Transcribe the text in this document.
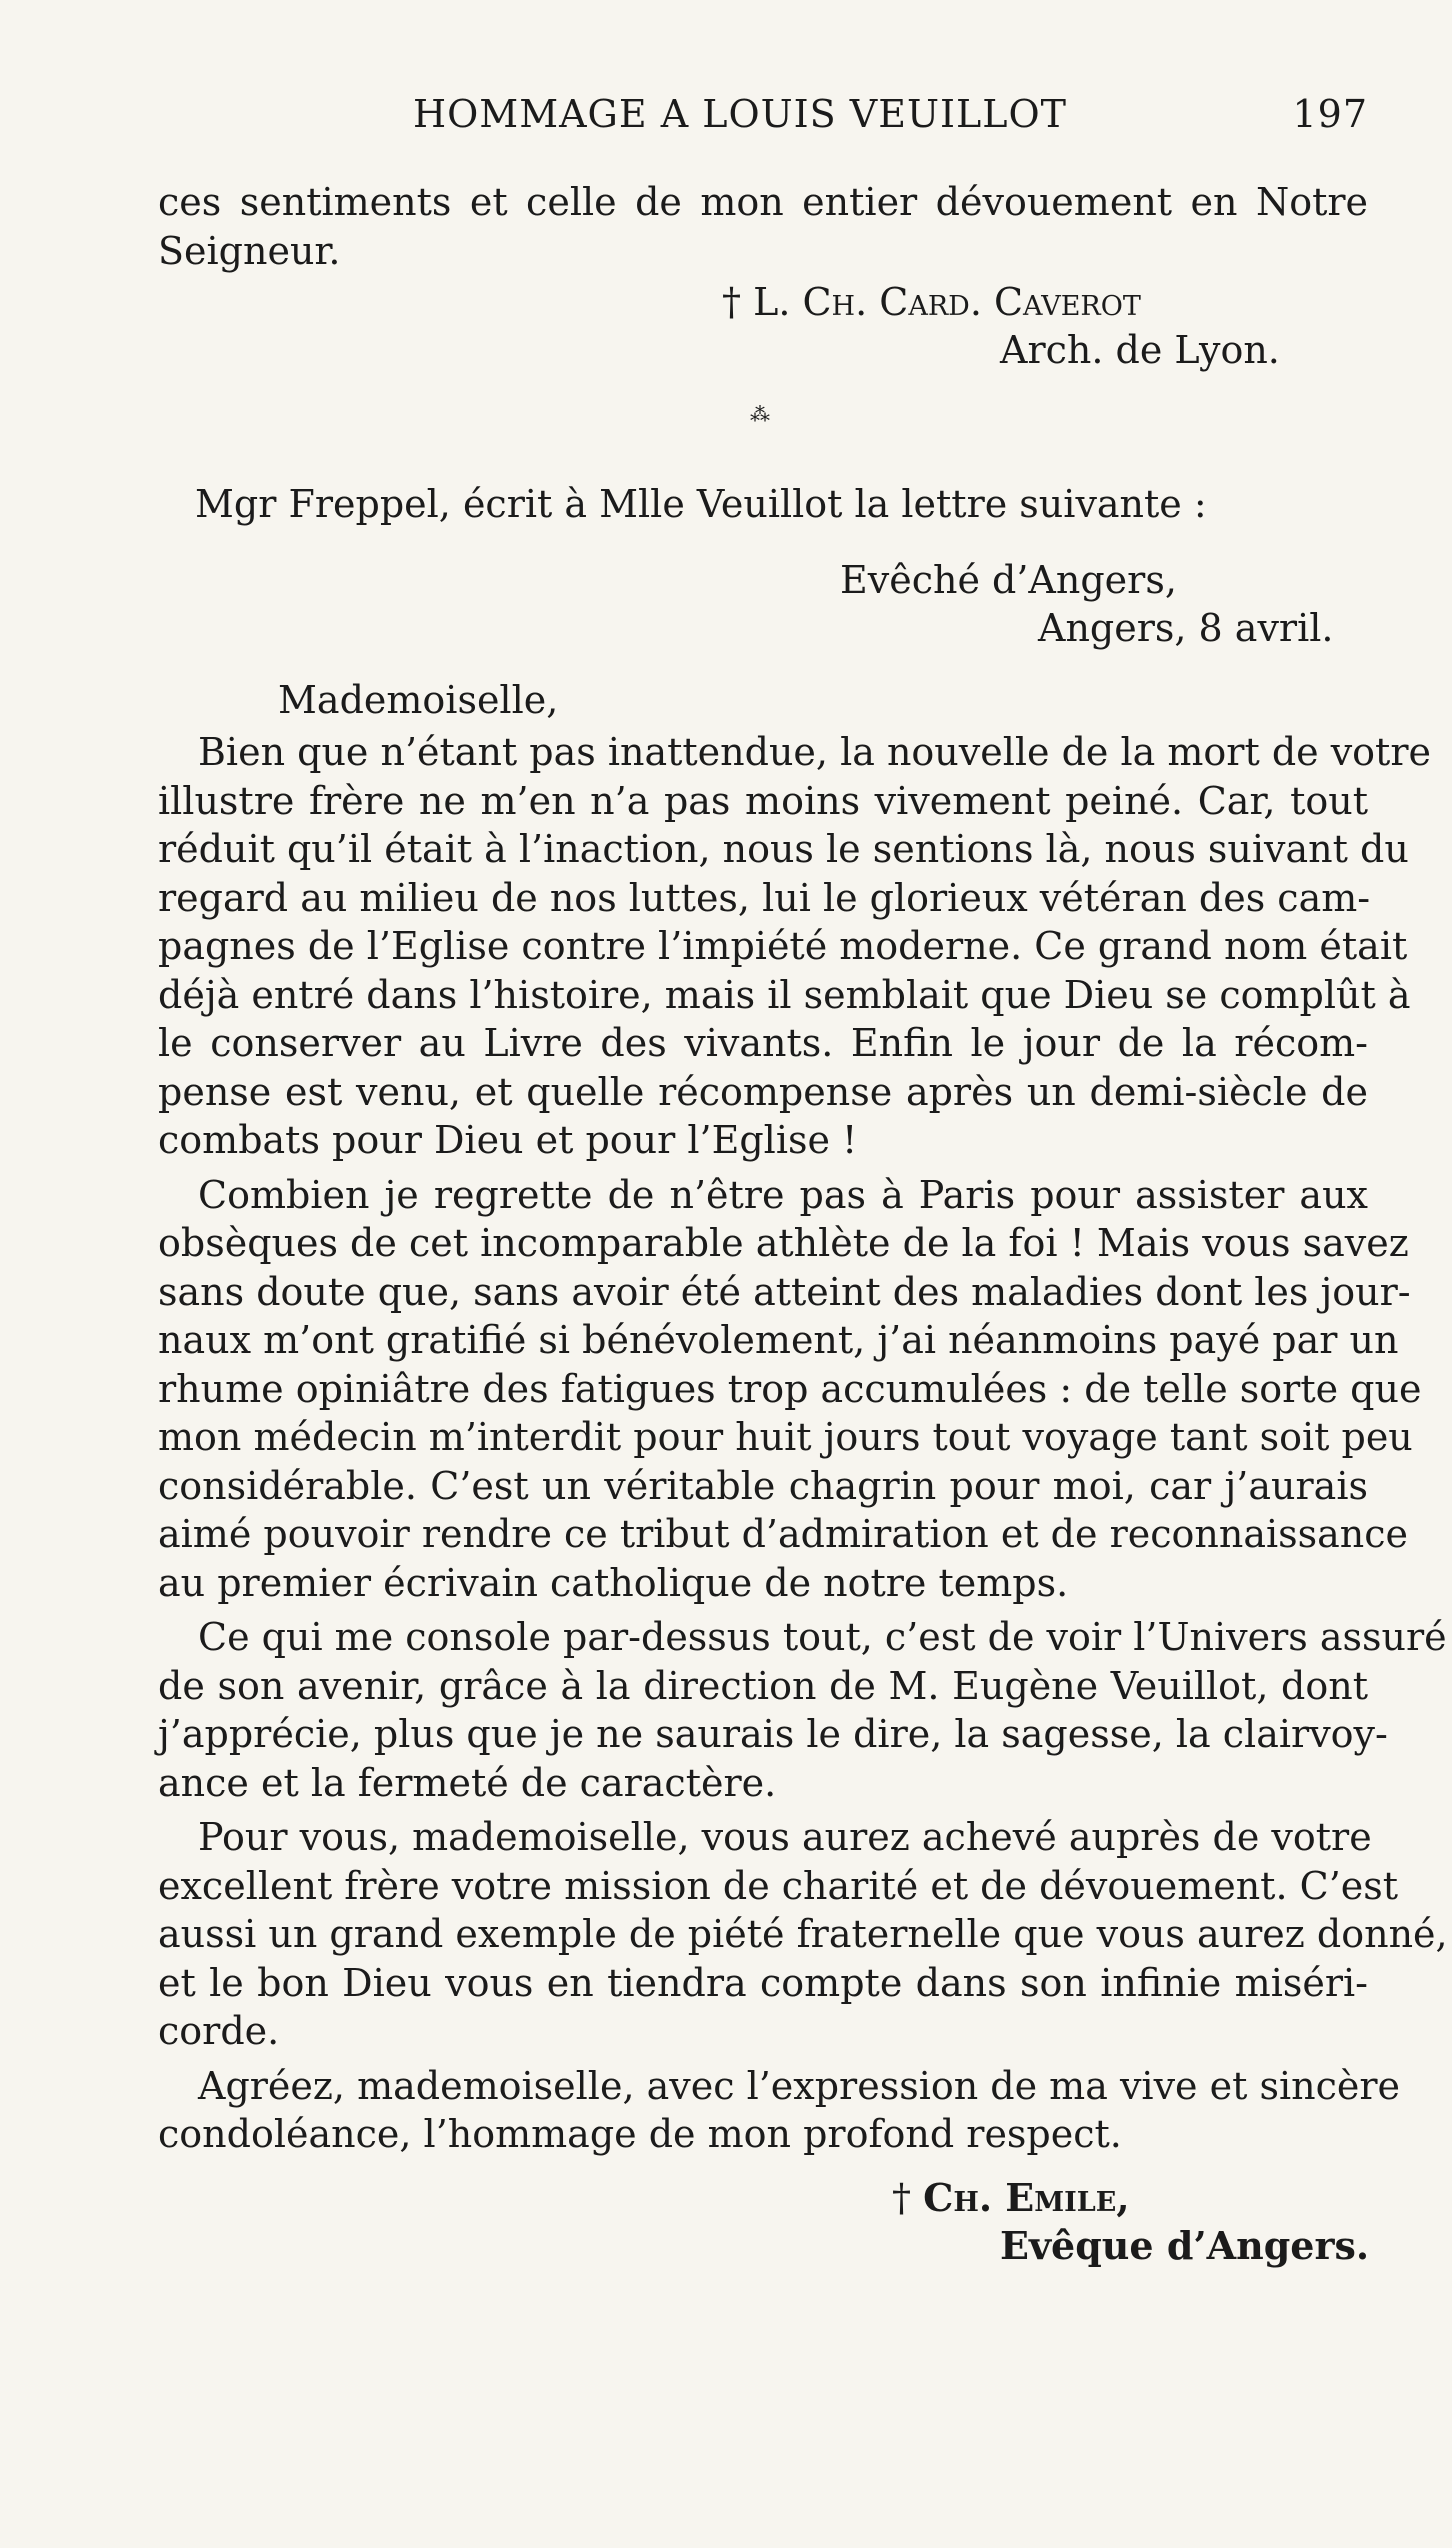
HOMMAGE A LOUIS VEUILLOT	197
ces sentiments et celle de mon entier dévouement en Notre
Seigneur.
† L. Ch. Card. Caverot
Arch. de Lyon.
⁂
Mgr Freppel, écrit à Mlle Veuillot la lettre suivante :
Evêché d’Angers,
Angers, 8 avril.
Mademoiselle,
Bien que n’étant pas inattendue, la nouvelle de la mort de votre
illustre frère ne m’en n’a pas moins vivement peiné. Car, tout
réduit qu’il était à l’inaction, nous le sentions là, nous suivant du
regard au milieu de nos luttes, lui le glorieux vétéran des cam-
pagnes de l’Eglise contre l’impiété moderne. Ce grand nom était
déjà entré dans l’histoire, mais il semblait que Dieu se complût à
le conserver au Livre des vivants. Enfin le jour de la récom-
pense est venu, et quelle récompense après un demi-siècle de
combats pour Dieu et pour l’Eglise !
Combien je regrette de n’être pas à Paris pour assister aux
obsèques de cet incomparable athlète de la foi ! Mais vous savez
sans doute que, sans avoir été atteint des maladies dont les jour-
naux m’ont gratifié si bénévolement, j’ai néanmoins payé par un
rhume opiniâtre des fatigues trop accumulées : de telle sorte que
mon médecin m’interdit pour huit jours tout voyage tant soit peu
considérable. C’est un véritable chagrin pour moi, car j’aurais
aimé pouvoir rendre ce tribut d’admiration et de reconnaissance
au premier écrivain catholique de notre temps.
Ce qui me console par-dessus tout, c’est de voir l’Univers assuré
de son avenir, grâce à la direction de M. Eugène Veuillot, dont
j’apprécie, plus que je ne saurais le dire, la sagesse, la clairvoy-
ance et la fermeté de caractère.
Pour vous, mademoiselle, vous aurez achevé auprès de votre
excellent frère votre mission de charité et de dévouement. C’est
aussi un grand exemple de piété fraternelle que vous aurez donné,
et le bon Dieu vous en tiendra compte dans son infinie miséri-
corde.
Agréez, mademoiselle, avec l’expression de ma vive et sincère
condoléance, l’hommage de mon profond respect.
† Ch. Emile,
Evêque d’Angers.
